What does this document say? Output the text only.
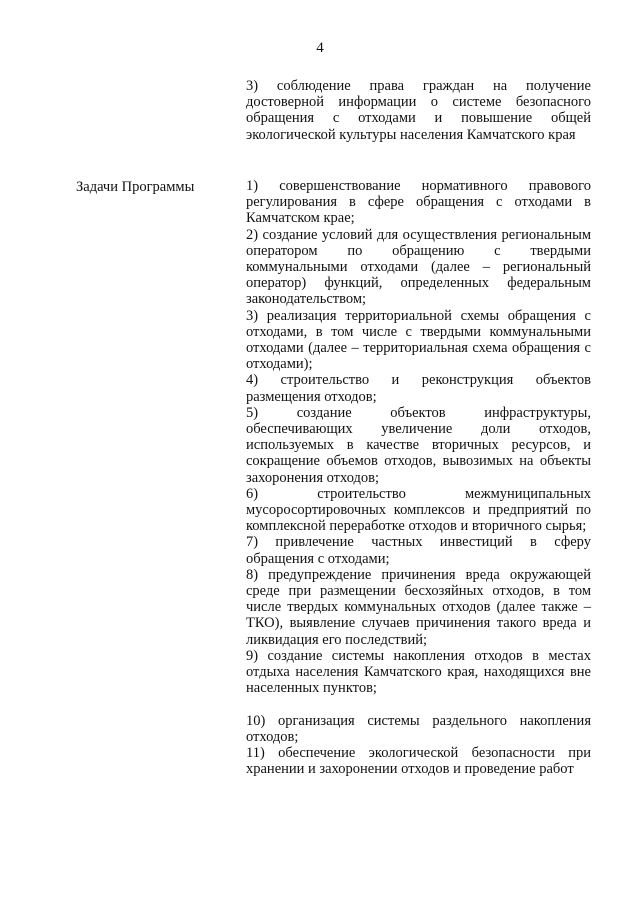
4

3) соблюдение права граждан на получение достоверной информации о системе безопасного обращения с отходами и повышение общей экологической культуры населения Камчатского края

Задачи Программы	1) совершенствование нормативного правового регулирования в сфере обращения с отходами в Камчатском крае;

2) создание условий для осуществления региональным оператором по обращению с твердыми коммунальными отходами (далее – региональный оператор) функций, определенных федеральным законодательством;

3) реализация территориальной схемы обращения с отходами, в том числе с твердыми коммунальными отходами (далее – территориальная схема обращения с отходами);

4) строительство и реконструкция объектов размещения отходов;

5) создание объектов инфраструктуры, обеспечивающих увеличение доли отходов, используемых в качестве вторичных ресурсов, и сокращение объемов отходов, вывозимых на объекты захоронения отходов;

6) строительство межмуниципальных мусоросортировочных комплексов и предприятий по комплексной переработке отходов и вторичного сырья;

7) привлечение частных инвестиций в сферу обращения с отходами;

8) предупреждение причинения вреда окружающей среде при размещении бесхозяйных отходов, в том числе твердых коммунальных отходов (далее также – ТКО), выявление случаев причинения такого вреда и ликвидация его последствий;

9) создание системы накопления отходов в местах отдыха населения Камчатского края, находящихся вне населенных пунктов;

10) организация системы раздельного накопления отходов;

11) обеспечение экологической безопасности при хранении и захоронении отходов и проведение работ
